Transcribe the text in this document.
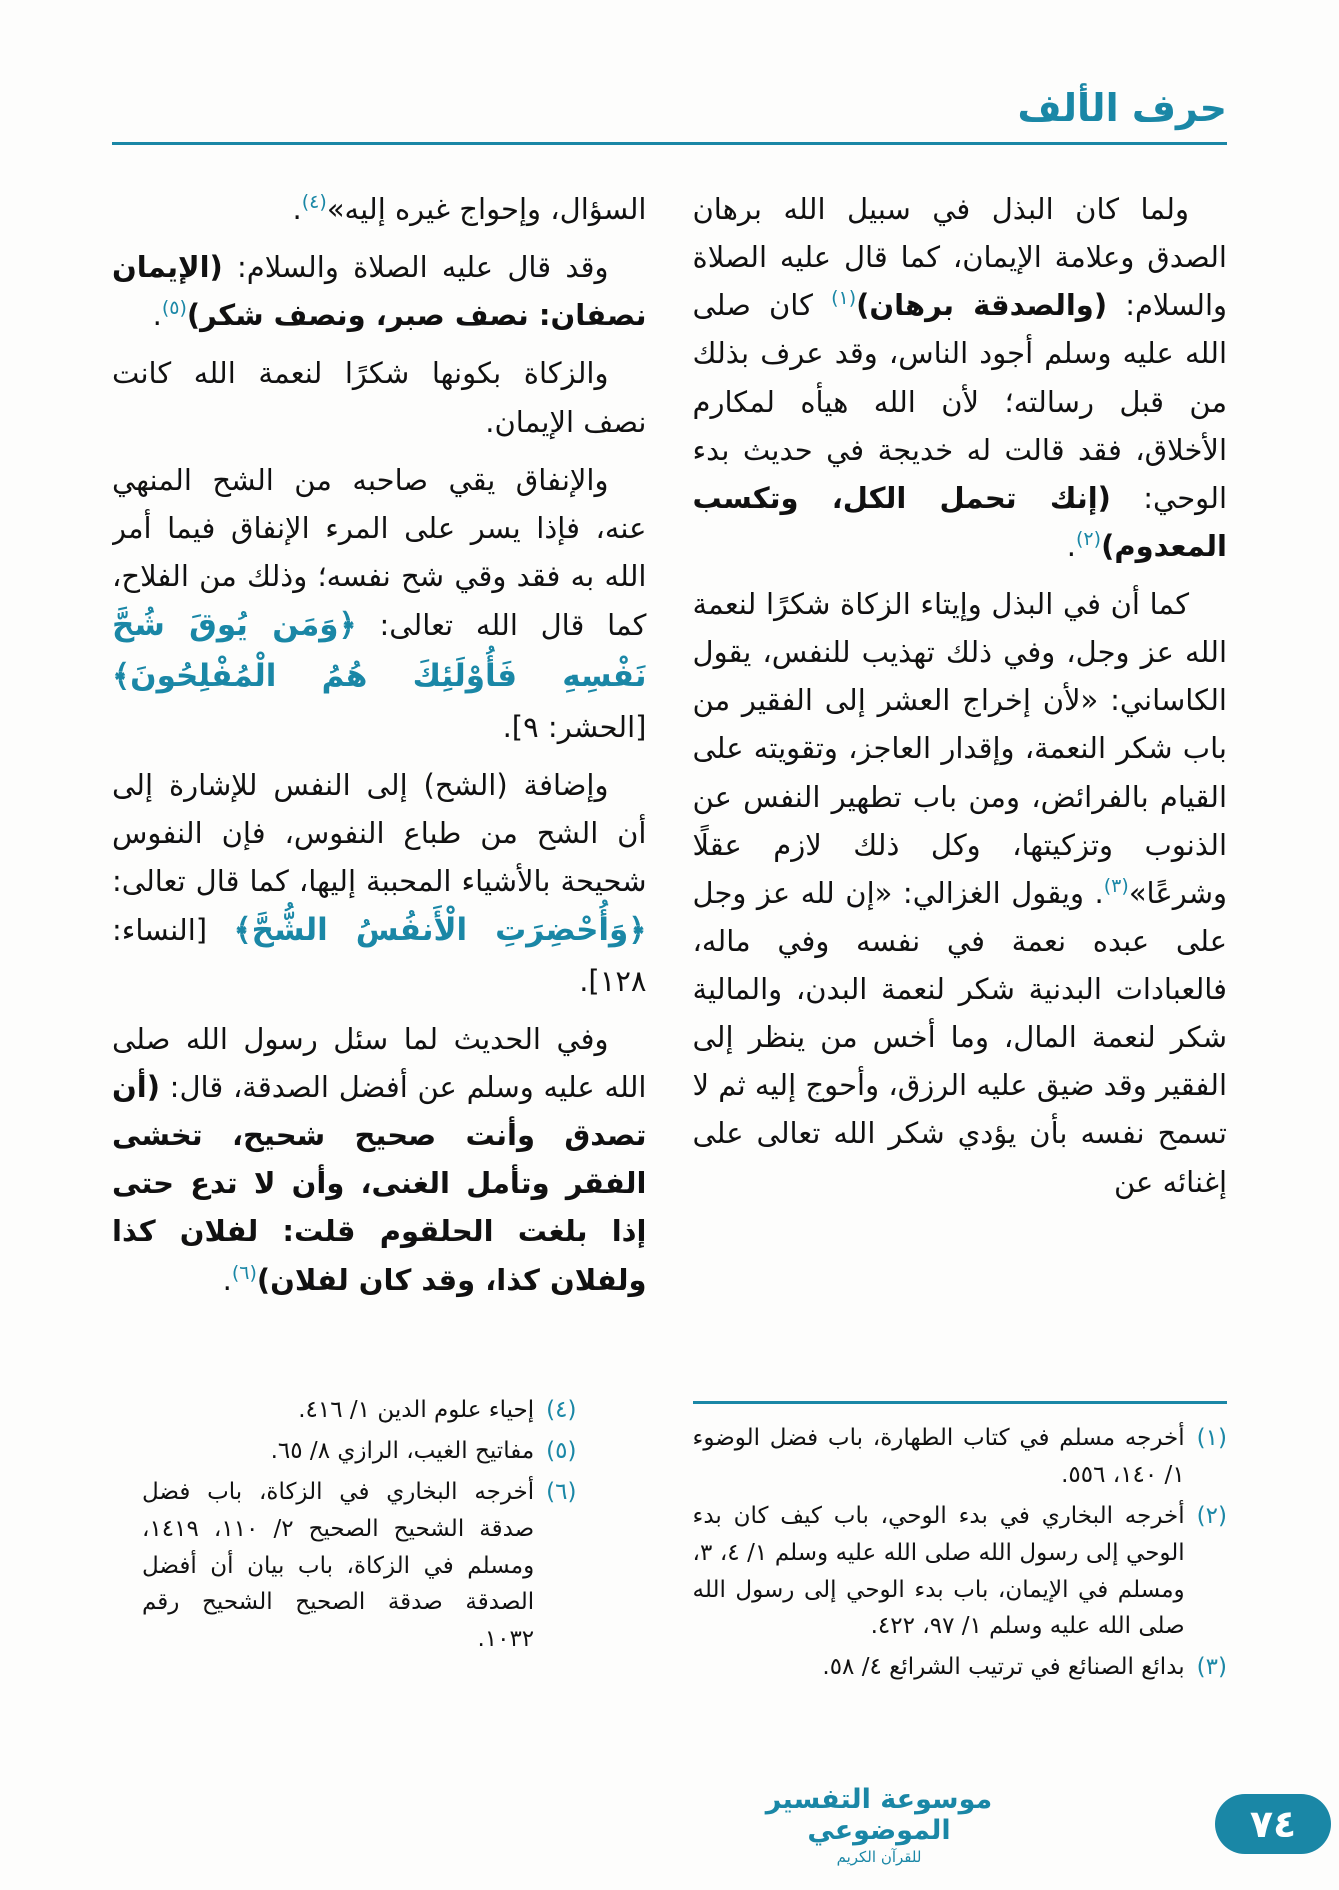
حرف الألف

ولما كان البذل في سبيل الله برهان الصدق وعلامة الإيمان، كما قال عليه الصلاة والسلام: (والصدقة برهان)$^{(١)}$ كان صلى الله عليه وسلم أجود الناس، وقد عرف بذلك من قبل رسالته؛ لأن الله هيأه لمكارم الأخلاق، فقد قالت له خديجة في حديث بدء الوحي: (إنك تحمل الكل، وتكسب المعدوم)$^{(٢)}$.

كما أن في البذل وإيتاء الزكاة شكرًا لنعمة الله عز وجل، وفي ذلك تهذيب للنفس، يقول الكاساني: «لأن إخراج العشر إلى الفقير من باب شكر النعمة، وإقدار العاجز، وتقويته على القيام بالفرائض، ومن باب تطهير النفس عن الذنوب وتزكيتها، وكل ذلك لازم عقلًا وشرعًا»$^{(٣)}$. ويقول الغزالي: «إن لله عز وجل على عبده نعمة في نفسه وفي ماله، فالعبادات البدنية شكر لنعمة البدن، والمالية شكر لنعمة المال، وما أخس من ينظر إلى الفقير وقد ضيق عليه الرزق، وأحوج إليه ثم لا تسمح نفسه بأن يؤدي شكر الله تعالى على إغنائه عن

(١)
أخرجه مسلم في كتاب الطهارة، باب فضل الوضوء ١/ ١٤٠، ٥٥٦.
(٢)
أخرجه البخاري في بدء الوحي، باب كيف كان بدء الوحي إلى رسول الله صلى الله عليه وسلم ١/ ٤، ٣، ومسلم في الإيمان، باب بدء الوحي إلى رسول الله صلى الله عليه وسلم ١/ ٩٧، ٤٢٢.
(٣)
بدائع الصنائع في ترتيب الشرائع ٤/ ٥٨.

السؤال، وإحواج غيره إليه»$^{(٤)}$.

وقد قال عليه الصلاة والسلام: (الإيمان نصفان: نصف صبر، ونصف شكر)$^{(٥)}$.

والزكاة بكونها شكرًا لنعمة الله كانت نصف الإيمان.

والإنفاق يقي صاحبه من الشح المنهي عنه، فإذا يسر على المرء الإنفاق فيما أمر الله به فقد وقي شح نفسه؛ وذلك من الفلاح، كما قال الله تعالى: ﴿وَمَن يُوقَ شُحَّ نَفْسِهِ فَأُوْلَئِكَ هُمُ الْمُفْلِحُونَ﴾ [الحشر: ٩].

وإضافة (الشح) إلى النفس للإشارة إلى أن الشح من طباع النفوس، فإن النفوس شحيحة بالأشياء المحببة إليها، كما قال تعالى: ﴿وَأُحْضِرَتِ الْأَنفُسُ الشُّحَّ﴾ [النساء: ١٢٨].

وفي الحديث لما سئل رسول الله صلى الله عليه وسلم عن أفضل الصدقة، قال: (أن تصدق وأنت صحيح شحيح، تخشى الفقر وتأمل الغنى، وأن لا تدع حتى إذا بلغت الحلقوم قلت: لفلان كذا ولفلان كذا، وقد كان لفلان)$^{(٦)}$.

(٤)
إحياء علوم الدين ١/ ٤١٦.
(٥)
مفاتيح الغيب، الرازي ٨/ ٦٥.
(٦)
أخرجه البخاري في الزكاة، باب فضل صدقة الشحيح الصحيح ٢/ ١١٠، ١٤١٩، ومسلم في الزكاة، باب بيان أن أفضل الصدقة صدقة الصحيح الشحيح رقم ١٠٣٢.
موسوعة التفسير الموضوعي
للقرآن الكريم
٧٤
